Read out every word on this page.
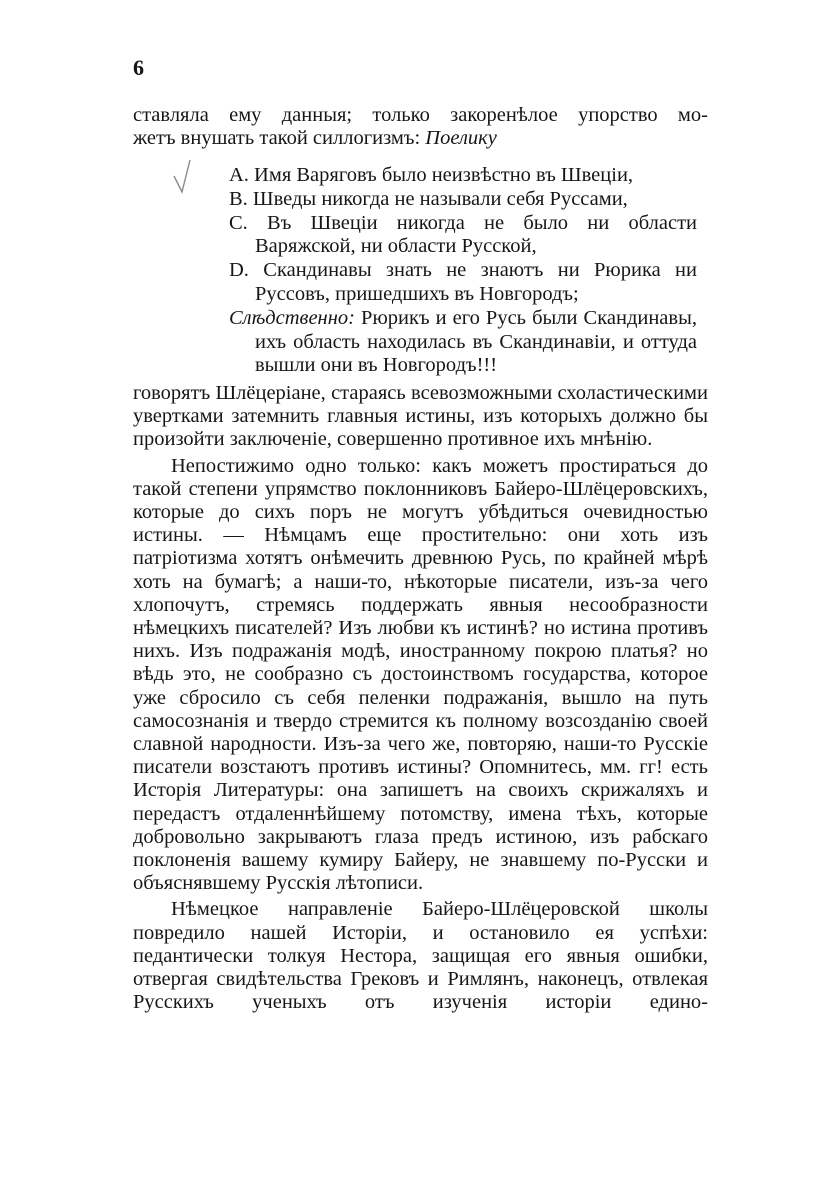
6

ставляла ему данныя; только закоренѣлое упорство мо-

жетъ внушать такой силлогизмъ: Поелику

A. Имя Варяговъ было неизвѣстно въ Швеціи,

B. Шведы никогда не называли себя Руссами,

C. Въ Швеціи никогда не было ни области Варяжской, ни области Русской,

D. Скандинавы знать не знаютъ ни Рюрика ни Руссовъ, пришедшихъ въ Новгородъ;

Слѣдственно: Рюрикъ и его Русь были Скандинавы, ихъ область находилась въ Скандинавіи, и оттуда вышли они въ Новгородъ!!!

говорятъ Шлёцеріане, стараясь всевозможными схоластическими увертками затемнить главныя истины, изъ которыхъ должно бы произойти заключеніе, совершенно противное ихъ мнѣнію.

Непостижимо одно только: какъ можетъ простираться до такой степени упрямство поклонниковъ Байеро-Шлёцеровскихъ, которые до сихъ поръ не могутъ убѣдиться очевидностью истины. — Нѣмцамъ еще простительно: они хоть изъ патріотизма хотятъ онѣмечить древнюю Русь, по крайней мѣрѣ хоть на бумагѣ; а наши-то, нѣкоторые писатели, изъ-за чего хлопочутъ, стремясь поддержать явныя несообразности нѣмецкихъ писателей? Изъ любви къ истинѣ? но истина противъ нихъ. Изъ подражанія модѣ, иностранному покрою платья? но вѣдь это, не сообразно съ достоинствомъ государства, которое уже сбросило съ себя пеленки подражанія, вышло на путь самосознанія и твердо стремится къ полному возсозданію своей славной народности. Изъ-за чего же, повторяю, наши-то Русскіе писатели возстаютъ противъ истины? Опомнитесь, мм. гг! есть Исторія Литературы: она запишетъ на своихъ скрижаляхъ и передастъ отдаленнѣйшему потомству, имена тѣхъ, которые добровольно закрываютъ глаза предъ истиною, изъ рабскаго поклоненія вашему кумиру Байеру, не знавшему по-Русски и объяснявшему Русскія лѣтописи.

Нѣмецкое направленіе Байеро-Шлёцеровской школы повредило нашей Исторіи, и остановило ея успѣхи: педантически толкуя Нестора, защищая его явныя ошибки, отвергая свидѣтельства Грековъ и Римлянъ, наконецъ, отвлекая Русскихъ ученыхъ отъ изученія исторіи едино-
